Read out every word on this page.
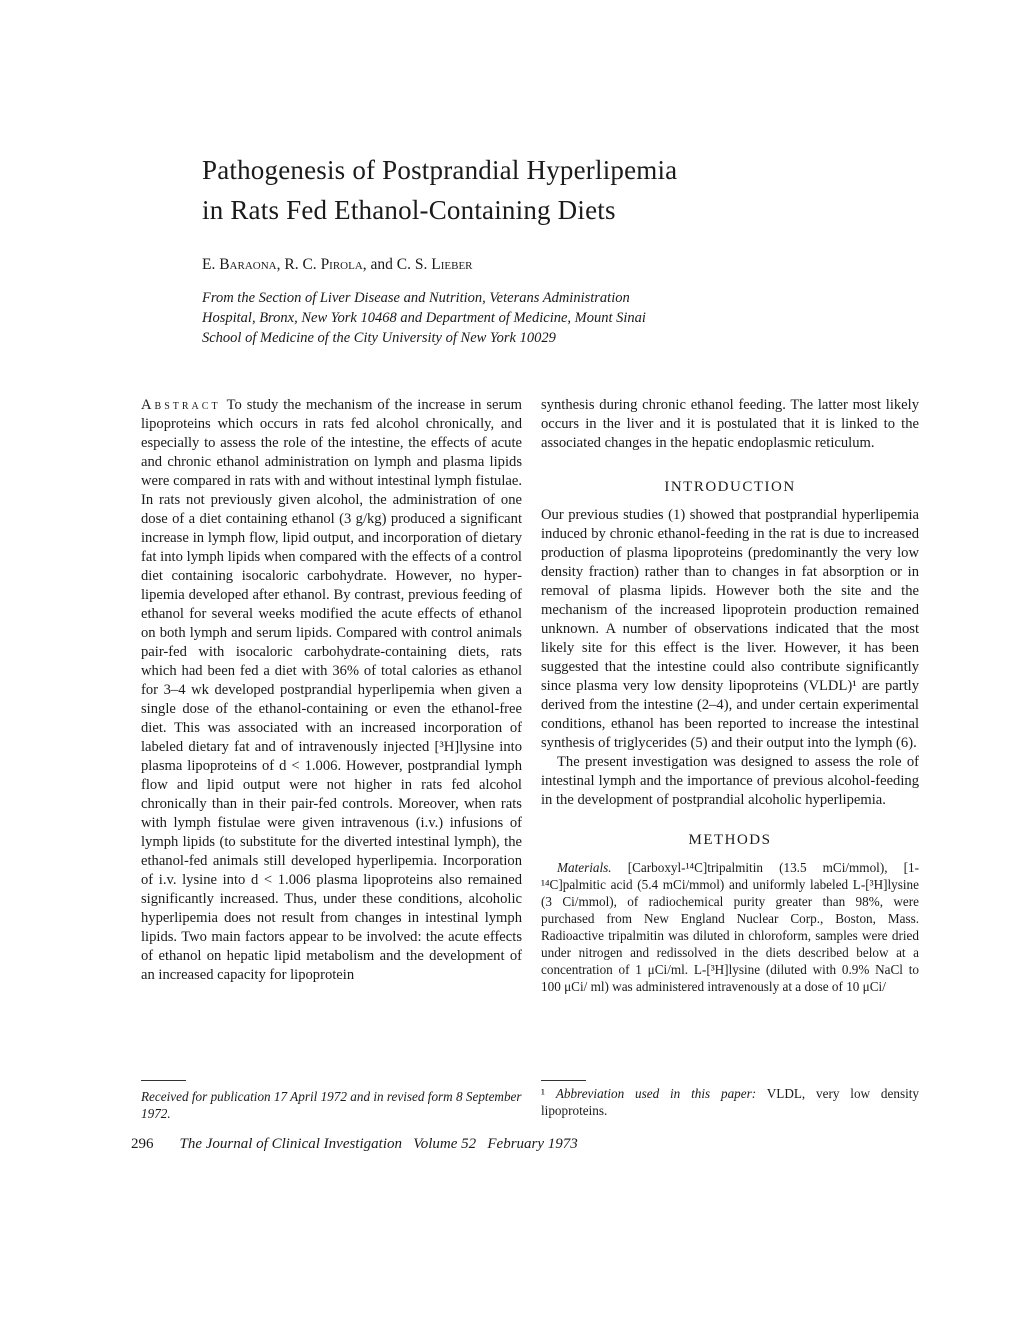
Pathogenesis of Postprandial Hyperlipemia
in Rats Fed Ethanol-Containing Diets

E. Baraona, R. C. Pirola, and C. S. Lieber

From the Section of Liver Disease and Nutrition, Veterans Administration
Hospital, Bronx, New York 10468 and Department of Medicine, Mount Sinai
School of Medicine of the City University of New York 10029

Abstract To study the mechanism of the increase in serum lipoproteins which occurs in rats fed alcohol chronically, and especially to assess the role of the intestine, the effects of acute and chronic ethanol administration on lymph and plasma lipids were compared in rats with and without intestinal lymph fistulae. In rats not previously given alcohol, the administration of one dose of a diet containing ethanol (3 g/kg) produced a significant increase in lymph flow, lipid output, and incorporation of dietary fat into lymph lipids when compared with the effects of a control diet containing isocaloric carbohydrate. However, no hyperlipemia developed after ethanol. By contrast, previous feeding of ethanol for several weeks modified the acute effects of ethanol on both lymph and serum lipids. Compared with control animals pair-fed with isocaloric carbohydrate-containing diets, rats which had been fed a diet with 36% of total calories as ethanol for 3–4 wk developed postprandial hyperlipemia when given a single dose of the ethanol-containing or even the ethanol-free diet. This was associated with an increased incorporation of labeled dietary fat and of intravenously injected [³H]lysine into plasma lipoproteins of d < 1.006. However, postprandial lymph flow and lipid output were not higher in rats fed alcohol chronically than in their pair-fed controls. Moreover, when rats with lymph fistulae were given intravenous (i.v.) infusions of lymph lipids (to substitute for the diverted intestinal lymph), the ethanol-fed animals still developed hyperlipemia. Incorporation of i.v. lysine into d < 1.006 plasma lipoproteins also remained significantly increased. Thus, under these conditions, alcoholic hyperlipemia does not result from changes in intestinal lymph lipids. Two main factors appear to be involved: the acute effects of ethanol on hepatic lipid metabolism and the development of an increased capacity for lipoprotein

synthesis during chronic ethanol feeding. The latter most likely occurs in the liver and it is postulated that it is linked to the associated changes in the hepatic endoplasmic reticulum.

INTRODUCTION

Our previous studies (1) showed that postprandial hyperlipemia induced by chronic ethanol-feeding in the rat is due to increased production of plasma lipoproteins (predominantly the very low density fraction) rather than to changes in fat absorption or in removal of plasma lipids. However both the site and the mechanism of the increased lipoprotein production remained unknown. A number of observations indicated that the most likely site for this effect is the liver. However, it has been suggested that the intestine could also contribute significantly since plasma very low density lipoproteins (VLDL)¹ are partly derived from the intestine (2–4), and under certain experimental conditions, ethanol has been reported to increase the intestinal synthesis of triglycerides (5) and their output into the lymph (6).

The present investigation was designed to assess the role of intestinal lymph and the importance of previous alcohol-feeding in the development of postprandial alcoholic hyperlipemia.

METHODS

Materials. [Carboxyl-¹⁴C]tripalmitin (13.5 mCi/mmol), [1-¹⁴C]palmitic acid (5.4 mCi/mmol) and uniformly labeled L-[³H]lysine (3 Ci/mmol), of radiochemical purity greater than 98%, were purchased from New England Nuclear Corp., Boston, Mass. Radioactive tripalmitin was diluted in chloroform, samples were dried under nitrogen and redissolved in the diets described below at a concentration of 1 μCi/ml. L-[³H]lysine (diluted with 0.9% NaCl to 100 μCi/ ml) was administered intravenously at a dose of 10 μCi/

Received for publication 17 April 1972 and in revised form 8 September 1972.

¹ Abbreviation used in this paper: VLDL, very low density lipoproteins.

296 The Journal of Clinical Investigation   Volume 52   February 1973
